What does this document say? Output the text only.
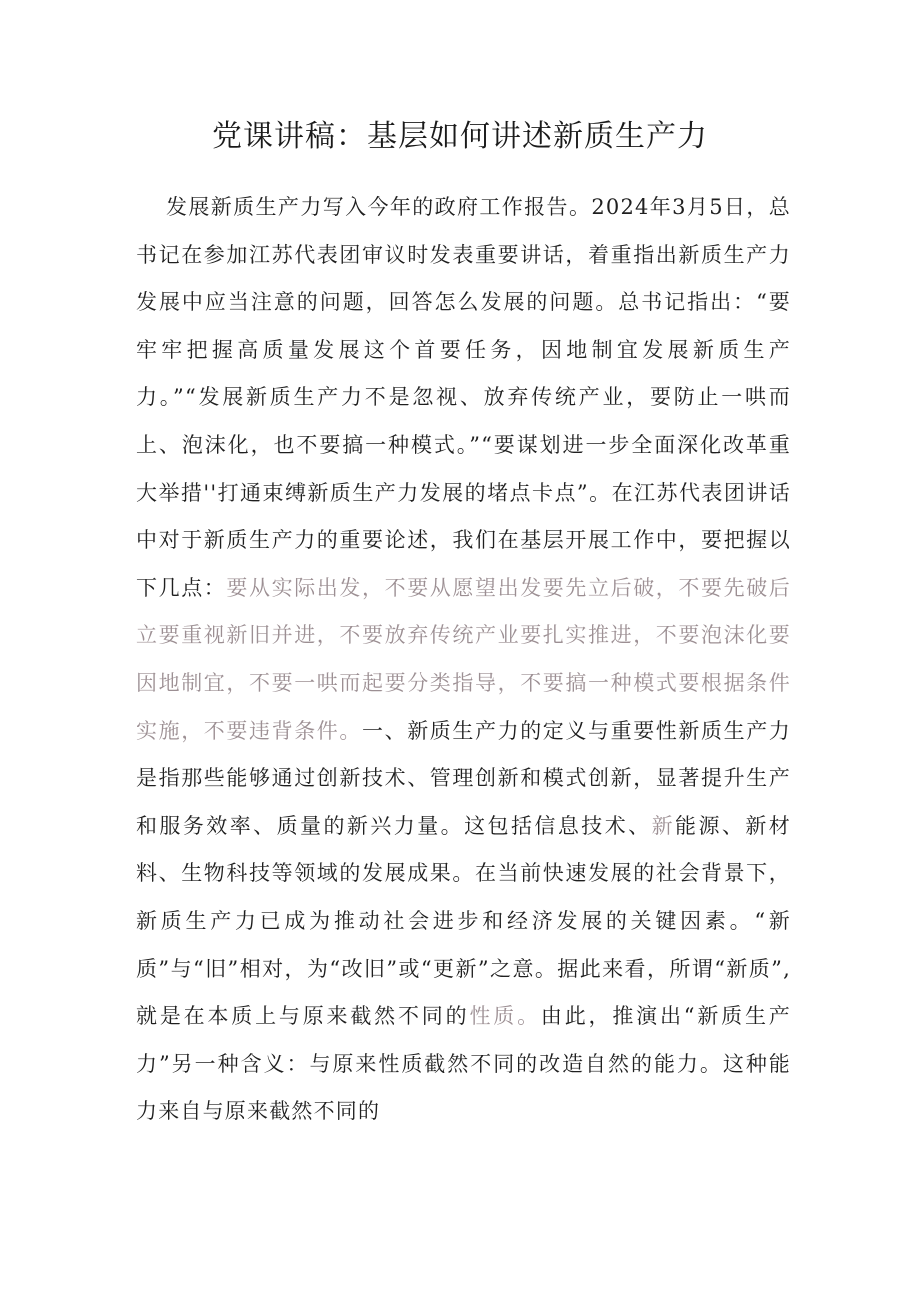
党课讲稿：基层如何讲述新质生产力

发展新质生产力写入今年的政府工作报告。2024年3月5日，总书记在参加江苏代表团审议时发表重要讲话，着重指出新质生产力发展中应当注意的问题，回答怎么发展的问题。总书记指出：“要牢牢把握高质量发展这个首要任务，因地制宜发展新质生产力。”“发展新质生产力不是忽视、放弃传统产业，要防止一哄而上、泡沫化，也不要搞一种模式。”“要谋划进一步全面深化改革重大举措''打通束缚新质生产力发展的堵点卡点”。在江苏代表团讲话中对于新质生产力的重要论述，我们在基层开展工作中，要把握以下几点：要从实际出发，不要从愿望出发要先立后破，不要先破后立要重视新旧并进，不要放弃传统产业要扎实推进，不要泡沫化要因地制宜，不要一哄而起要分类指导，不要搞一种模式要根据条件实施，不要违背条件。一、新质生产力的定义与重要性新质生产力是指那些能够通过创新技术、管理创新和模式创新，显著提升生产和服务效率、质量的新兴力量。这包括信息技术、新能源、新材料、生物科技等领域的发展成果。在当前快速发展的社会背景下，新质生产力已成为推动社会进步和经济发展的关键因素。“新质”与“旧”相对，为“改旧”或“更新”之意。据此来看，所谓“新质”,就是在本质上与原来截然不同的性质。由此，推演出“新质生产力”另一种含义：与原来性质截然不同的改造自然的能力。这种能力来自与原来截然不同的
